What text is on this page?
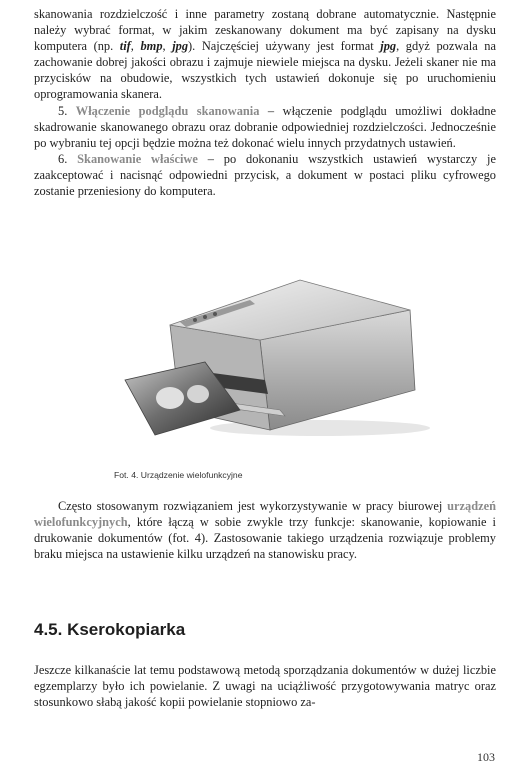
skanowania rozdzielczość i inne parametry zostaną dobrane automatycznie. Następnie należy wybrać format, w jakim zeskanowany dokument ma być zapisany na dysku komputera (np. tif, bmp, jpg). Najczęściej używany jest format jpg, gdyż pozwala na zachowanie dobrej jakości obrazu i zajmuje niewiele miejsca na dysku. Jeżeli skaner nie ma przycisków na obudowie, wszystkich tych ustawień dokonuje się po uruchomieniu oprogramowania skanera.

5. Włączenie podglądu skanowania – włączenie podglądu umożliwi dokładne skadrowanie skanowanego obrazu oraz dobranie odpowiedniej rozdzielczości. Jednocześnie po wybraniu tej opcji będzie można też dokonać wielu innych przydatnych ustawień.

6. Skanowanie właściwe – po dokonaniu wszystkich ustawień wystarczy je zaakceptować i nacisnąć odpowiedni przycisk, a dokument w postaci pliku cyfrowego zostanie przeniesiony do komputera.

Fot. 4. Urządzenie wielofunkcyjne

Często stosowanym rozwiązaniem jest wykorzystywanie w pracy biurowej urządzeń wielofunkcyjnych, które łączą w sobie zwykle trzy funkcje: skanowanie, kopiowanie i drukowanie dokumentów (fot. 4). Zastosowanie takiego urządzenia rozwiązuje problemy braku miejsca na ustawienie kilku urządzeń na stanowisku pracy.

4.5. Kserokopiarka

Jeszcze kilkanaście lat temu podstawową metodą sporządzania dokumentów w dużej liczbie egzemplarzy było ich powielanie. Z uwagi na uciążliwość przygotowywania matryc oraz stosunkowo słabą jakość kopii powielanie stopniowo za-

103
